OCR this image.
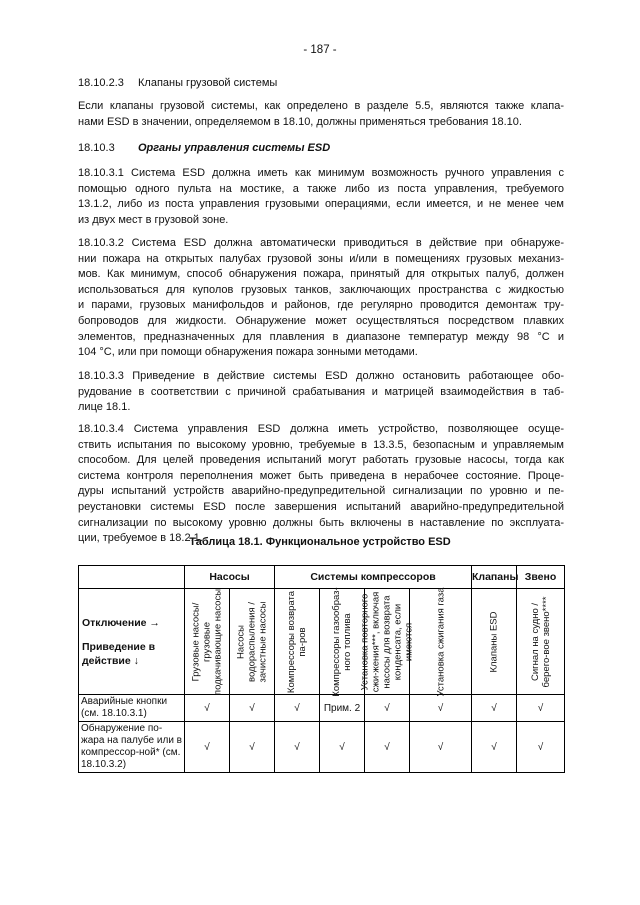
- 187 -
18.10.2.3 Клапаны грузовой системы
Если клапаны грузовой системы, как определено в разделе 5.5, являются также клапа-
нами ESD в значении, определяемом в 18.10, должны применяться требования 18.10.
18.10.3 Органы управления системы ESD
18.10.3.1 Система ESD должна иметь как минимум возможность ручного управления с
помощью одного пульта на мостике, а также либо из поста управления, требуемого
13.1.2, либо из поста управления грузовыми операциями, если имеется, и не менее чем
из двух мест в грузовой зоне.
18.10.3.2 Система ESD должна автоматически приводиться в действие при обнаруже-
нии пожара на открытых палубах грузовой зоны и/или в помещениях грузовых механиз-
мов. Как минимум, способ обнаружения пожара, принятый для открытых палуб, должен
использоваться для куполов грузовых танков, заключающих пространства с жидкостью
и парами, грузовых манифольдов и районов, где регулярно проводится демонтаж тру-
бопроводов для жидкости. Обнаружение может осуществляться посредством плавких
элементов, предназначенных для плавления в диапазоне температур между 98 °С и
104 °С, или при помощи обнаружения пожара зонными методами.
18.10.3.3 Приведение в действие системы ESD должно остановить работающее обо-
рудование в соответствии с причиной срабатывания и матрицей взаимодействия в таб-
лице 18.1.
18.10.3.4 Система управления ESD должна иметь устройство, позволяющее осуще-
ствить испытания по высокому уровню, требуемые в 13.3.5, безопасным и управляемым
способом. Для целей проведения испытаний могут работать грузовые насосы, тогда как
система контроля переполнения может быть приведена в нерабочее состояние. Проце-
дуры испытаний устройств аварийно-предупредительной сигнализации по уровню и пе-
реустановки системы ESD после завершения испытаний аварийно-предупредительной
сигнализации по высокому уровню должны быть включены в наставление по эксплуата-
ции, требуемое в 18.2.1.
Таблица 18.1. Функциональное устройство ESD
	Насосы		Системы компрессоров				Клапаны	Звено

Отключение →
Приведение в действие ↓	Грузовые насосы/ грузовые подкачивающие насосы	Насосы водораспыления / зачистные насосы	Компрессоры возврата па-ров	Компрессоры газообраз-ного топлива	Установка повторного сжи-жения***, включая насосы для возврата конденсата, если имеются	Установка сжигания газа	Клапаны ESD	Сигнал на судно / берего-вое звено****

Аварийные кнопки (см. 18.10.3.1)	√	√	√	Прим. 2	√	√	√	√
Обнаружение по-жара на палубе или в компрессор-ной* (см. 18.10.3.2)	√	√	√	√	√	√	√	√
